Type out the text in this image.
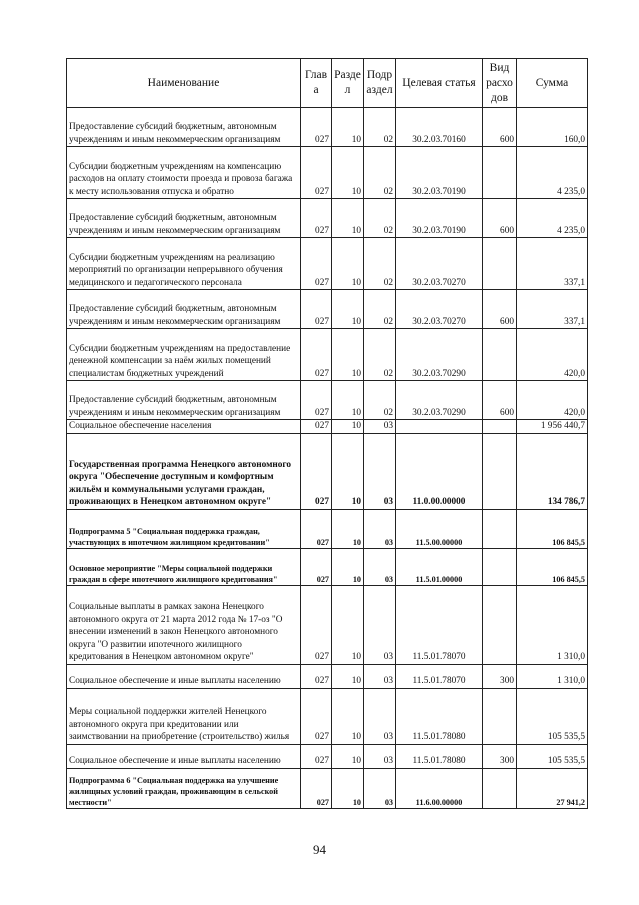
Наименование	Глав а	Разде л	Подр аздел	Целевая статья	Вид расхо дов	Сумма
Предоставление субсидий бюджетным, автономным учреждениям и иным некоммерческим организациям	027	10	02	30.2.03.70160	600	160,0
Субсидии бюджетным учреждениям на компенсацию расходов на оплату стоимости проезда и провоза багажа к месту использования отпуска и обратно	027	10	02	30.2.03.70190		4 235,0
Предоставление субсидий бюджетным, автономным учреждениям и иным некоммерческим организациям	027	10	02	30.2.03.70190	600	4 235,0
Субсидии бюджетным учреждениям на реализацию мероприятий по организации непрерывного обучения медицинского и педагогического персонала	027	10	02	30.2.03.70270		337,1
Предоставление субсидий бюджетным, автономным учреждениям и иным некоммерческим организациям	027	10	02	30.2.03.70270	600	337,1
Субсидии бюджетным учреждениям на предоставление денежной компенсации за наём жилых помещений специалистам бюджетных учреждений	027	10	02	30.2.03.70290		420,0
Предоставление субсидий бюджетным, автономным учреждениям и иным некоммерческим организациям	027	10	02	30.2.03.70290	600	420,0
Социальное обеспечение населения	027	10	03			1 956 440,7
Государственная программа Ненецкого автономного округа "Обеспечение доступным и комфортным жильём и коммунальными услугами граждан, проживающих в Ненецком автономном округе"	027	10	03	11.0.00.00000		134 786,7
Подпрограмма 5 "Социальная поддержка граждан, участвующих в ипотечном жилищном кредитовании"	027	10	03	11.5.00.00000		106 845,5
Основное мероприятие "Меры социальной поддержки граждан в сфере ипотечного жилищного кредитования"	027	10	03	11.5.01.00000		106 845,5
Социальные выплаты в рамках закона Ненецкого автономного округа от 21 марта 2012 года № 17-оз "О внесении изменений в закон Ненецкого автономного округа "О развитии ипотечного жилищного кредитования в Ненецком автономном округе"	027	10	03	11.5.01.78070		1 310,0
Социальное обеспечение и иные выплаты населению	027	10	03	11.5.01.78070	300	1 310,0
Меры социальной поддержки жителей Ненецкого автономного округа при кредитовании или заимствовании на приобретение (строительство) жилья	027	10	03	11.5.01.78080		105 535,5
Социальное обеспечение и иные выплаты населению	027	10	03	11.5.01.78080	300	105 535,5
Подпрограмма 6 "Социальная поддержка на улучшение жилищных условий граждан, проживающим в сельской местности"	027	10	03	11.6.00.00000		27 941,2
94
